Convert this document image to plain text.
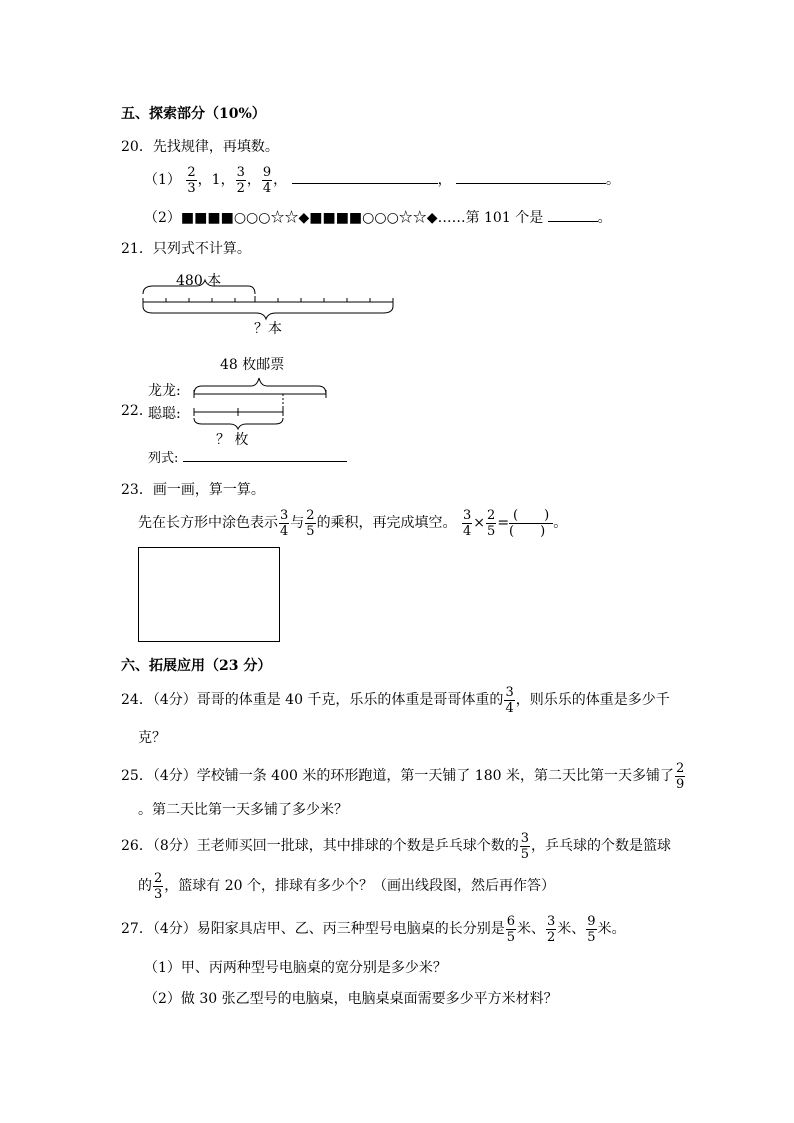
五、探索部分（10%）
20．先找规律，再填数。
$(1) \frac{2}{3}$ ，1， $\frac{3}{2}$ ， $\frac{9}{4}$ ，	，	。
（2）■■■■○○○☆☆◆■■■■○○○☆☆◆……第 101 个是	。
21．只列式不计算。
480 本
？本
22．
48 枚邮票
龙龙:
聪聪:
？ 枚
列式:
23．画一画，算一算。
先在长方形中涂色表示 $\frac{3}{4}$ 与 $\frac{2}{5}$ 的乘积，再完成填空。 $\frac{3}{4} \times \frac{2}{5}$ = (　　)
(　　) 。
六、拓展应用（23 分）
24．（4分）哥哥的体重是 40 千克，乐乐的体重是哥哥体重的 $\frac{3}{4}$ ，则乐乐的体重是多少千
克？
25．（4分）学校铺一条 400 米的环形跑道，第一天铺了 180 米，第二天比第一天多铺了 $\frac{2}{9}$
。第二天比第一天多铺了多少米？
26．（8分）王老师买回一批球，其中排球的个数是乒乓球个数的 $\frac{3}{5}$ ，乒乓球的个数是篮球
的 $\frac{2}{3}$ ，篮球有 20 个，排球有多少个？（画出线段图，然后再作答）
27．（4分）易阳家具店甲、乙、丙三种型号电脑桌的长分别是 $\frac{6}{5}$ 米、 $\frac{3}{2}$ 米、 $\frac{9}{5}$ 米。
（1）甲、丙两种型号电脑桌的宽分别是多少米？
（2）做 30 张乙型号的电脑桌，电脑桌桌面需要多少平方米材料？
